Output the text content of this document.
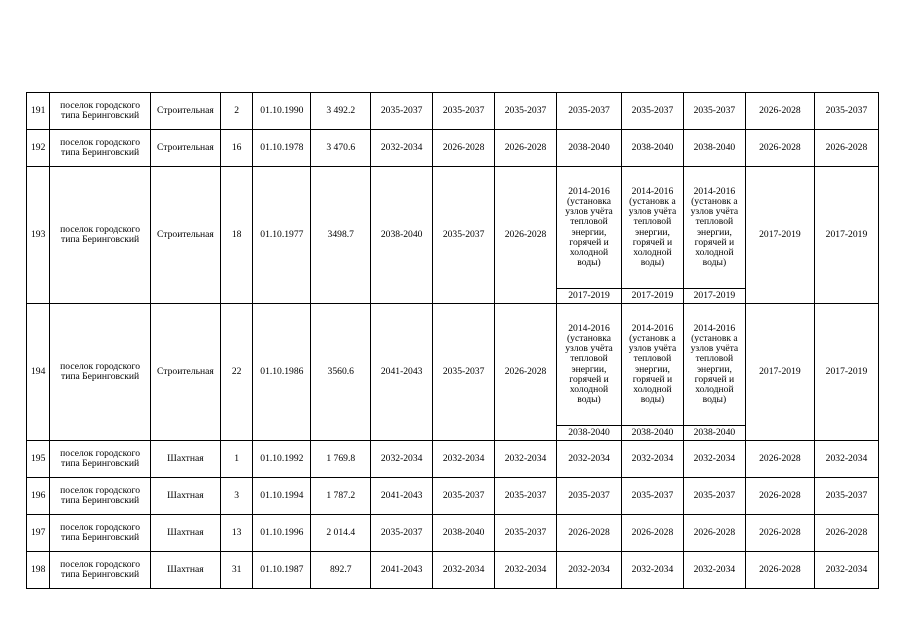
191	поселок городского типа Беринговский	Строительная	2	01.10.1990	3 492.2	2035-2037	2035-2037	2035-2037	2035-2037	2035-2037	2035-2037	2026-2028	2035-2037
192	поселок городского типа Беринговский	Строительная	16	01.10.1978	3 470.6	2032-2034	2026-2028	2026-2028	2038-2040	2038-2040	2038-2040	2026-2028	2026-2028
193	поселок городского типа Беринговский	Строительная	18	01.10.1977	3498.7	2038-2040	2035-2037	2026-2028	2014-2016 (установка узлов учёта тепловой энергии, горячей и холодной воды)	2014-2016 (установк а узлов учёта тепловой энергии, горячей и холодной воды)	2014-2016 (установк а узлов учёта тепловой энергии, горячей и холодной воды)	2017-2019	2017-2019
									2017-2019	2017-2019	2017-2019		
194	поселок городского типа Беринговский	Строительная	22	01.10.1986	3560.6	2041-2043	2035-2037	2026-2028	2014-2016 (установка узлов учёта тепловой энергии, горячей и холодной воды)	2014-2016 (установк а узлов учёта тепловой энергии, горячей и холодной воды)	2014-2016 (установк а узлов учёта тепловой энергии, горячей и холодной воды)	2017-2019	2017-2019
									2038-2040	2038-2040	2038-2040		
195	поселок городского типа Беринговский	Шахтная	1	01.10.1992	1 769.8	2032-2034	2032-2034	2032-2034	2032-2034	2032-2034	2032-2034	2026-2028	2032-2034
196	поселок городского типа Беринговский	Шахтная	3	01.10.1994	1 787.2	2041-2043	2035-2037	2035-2037	2035-2037	2035-2037	2035-2037	2026-2028	2035-2037
197	поселок городского типа Беринговский	Шахтная	13	01.10.1996	2 014.4	2035-2037	2038-2040	2035-2037	2026-2028	2026-2028	2026-2028	2026-2028	2026-2028
198	поселок городского типа Беринговский	Шахтная	31	01.10.1987	892.7	2041-2043	2032-2034	2032-2034	2032-2034	2032-2034	2032-2034	2026-2028	2032-2034
